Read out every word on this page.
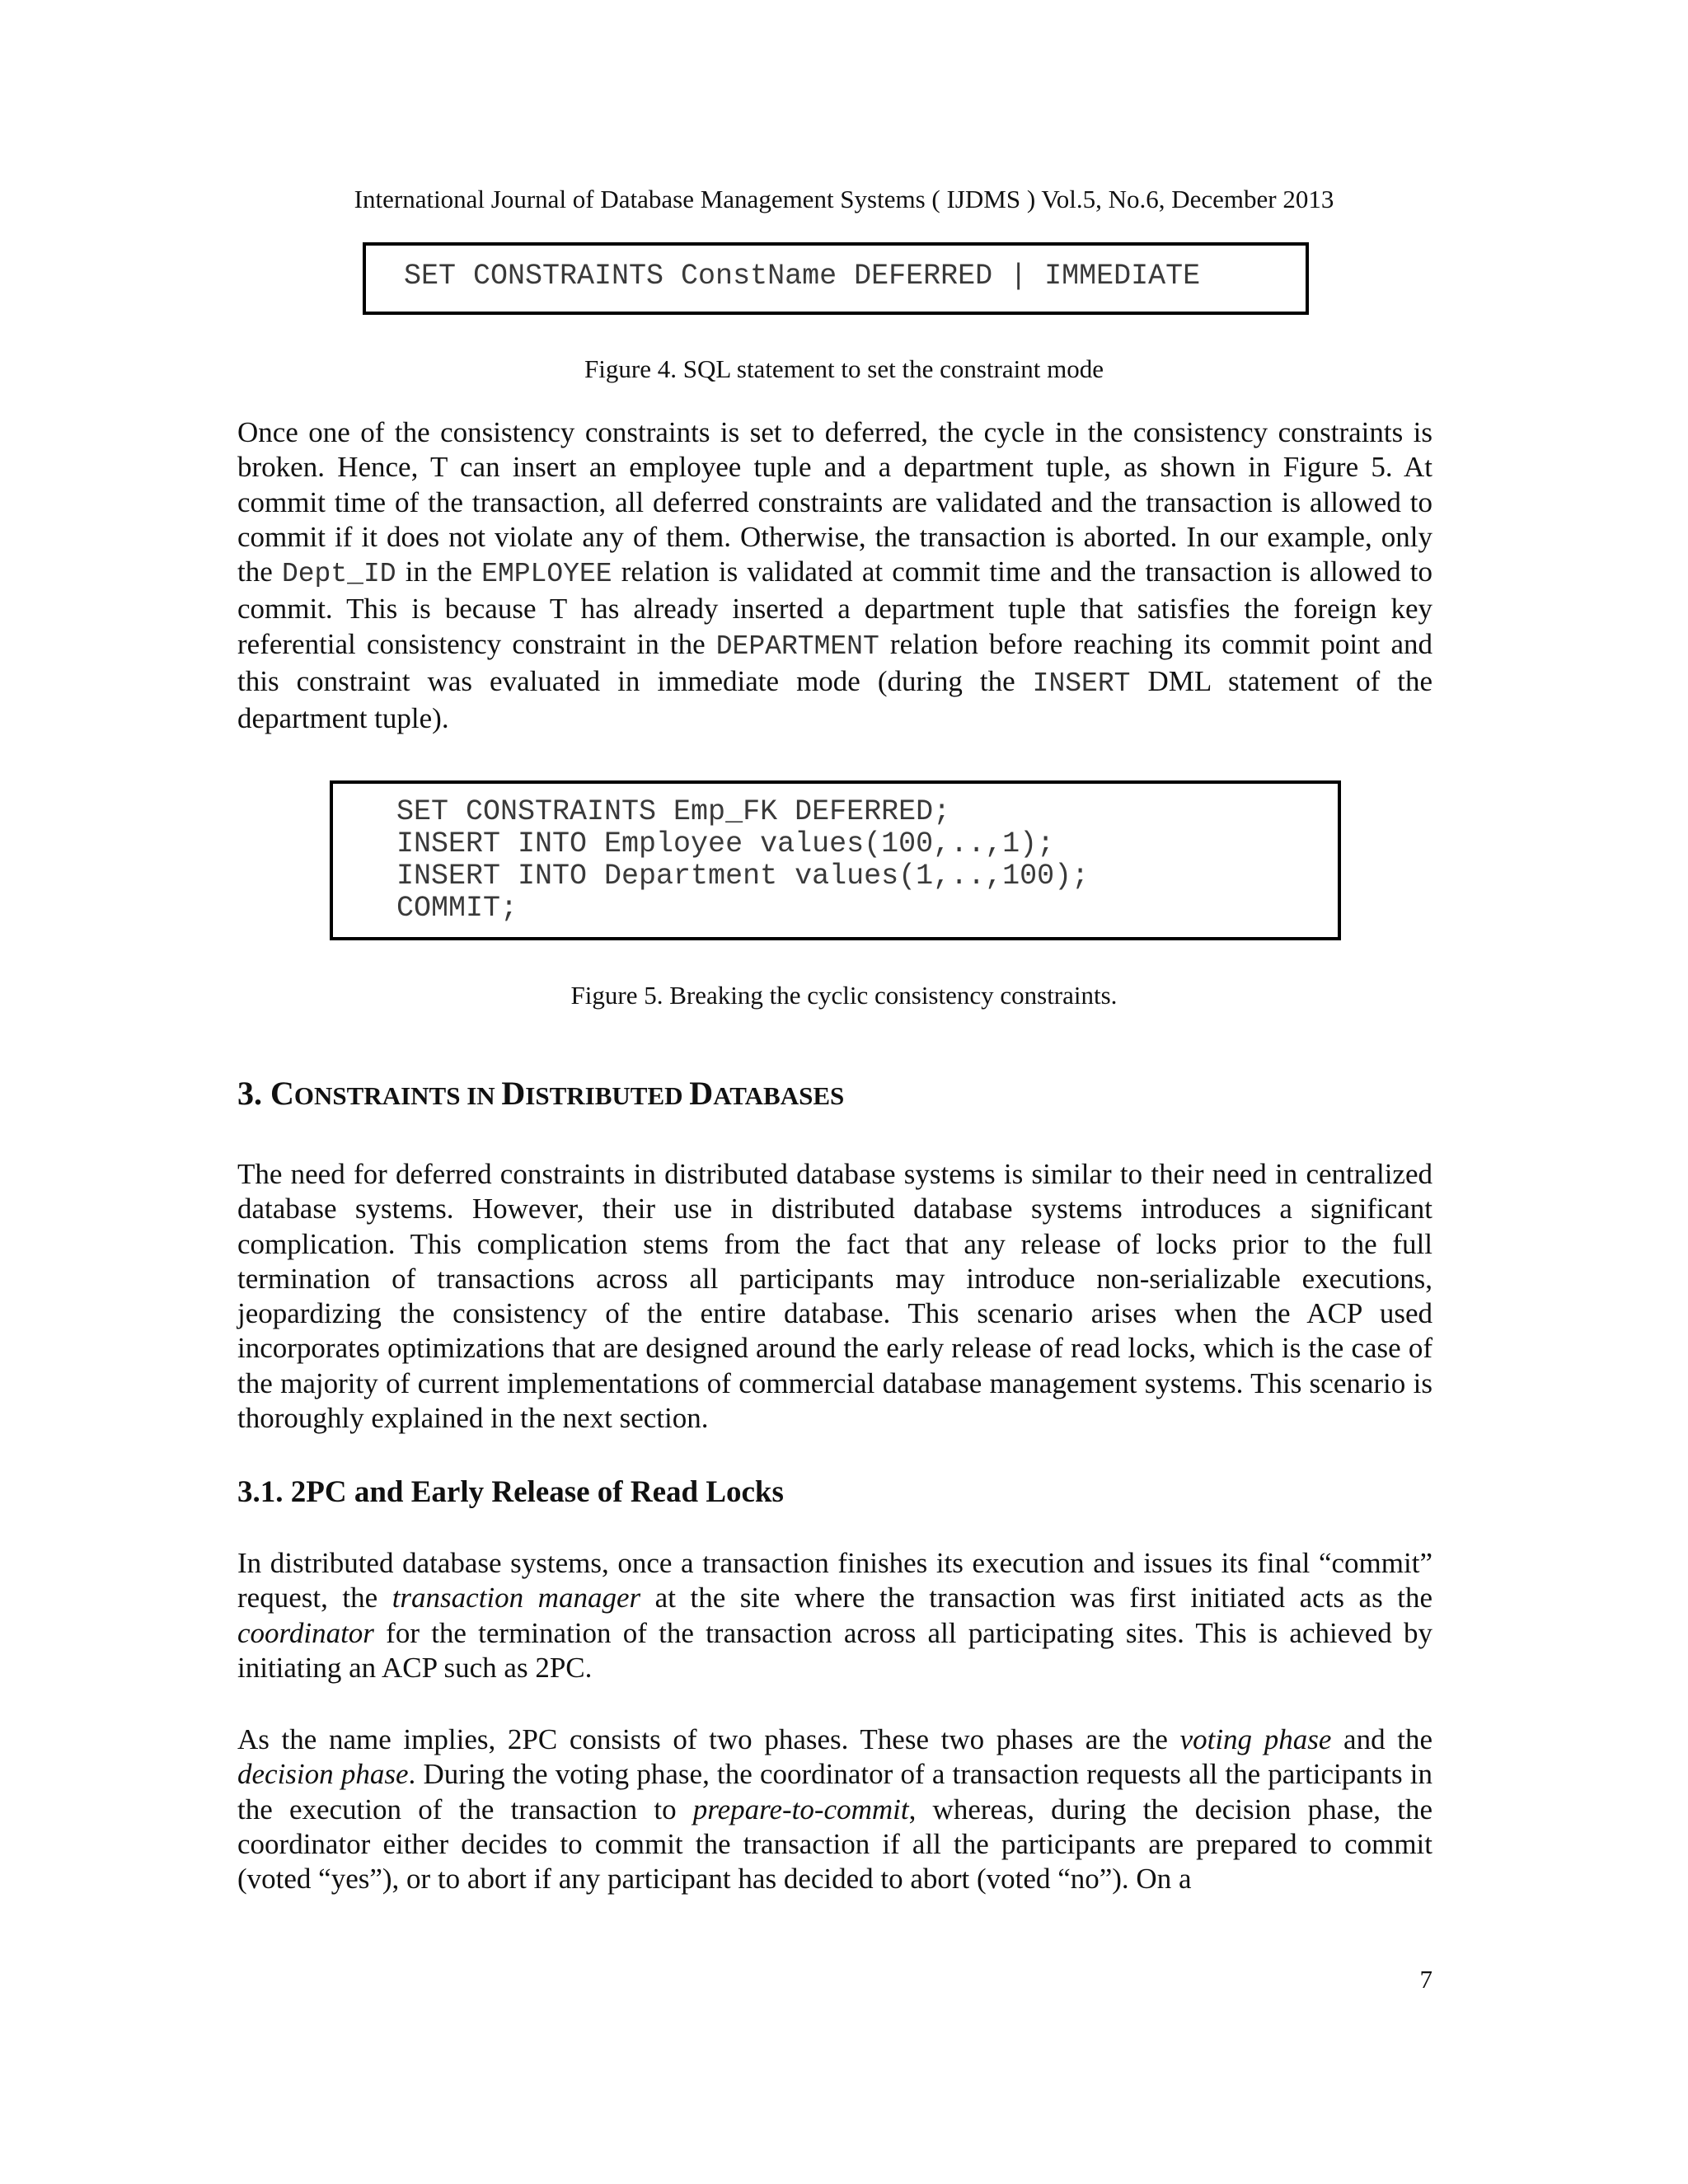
International Journal of Database Management Systems ( IJDMS ) Vol.5, No.6, December 2013
SET CONSTRAINTS ConstName DEFERRED | IMMEDIATE
Figure 4. SQL statement to set the constraint mode

Once one of the consistency constraints is set to deferred, the cycle in the consistency constraints is broken. Hence, T can insert an employee tuple and a department tuple, as shown in Figure 5. At commit time of the transaction, all deferred constraints are validated and the transaction is allowed to commit if it does not violate any of them. Otherwise, the transaction is aborted. In our example, only the Dept_ID in the EMPLOYEE relation is validated at commit time and the transaction is allowed to commit. This is because T has already inserted a department tuple that satisfies the foreign key referential consistency constraint in the DEPARTMENT relation before reaching its commit point and this constraint was evaluated in immediate mode (during the INSERT DML statement of the department tuple).

SET CONSTRAINTS Emp_FK DEFERRED;
INSERT INTO Employee values(100,..,1);
INSERT INTO Department values(1,..,100);
COMMIT;
Figure 5. Breaking the cyclic consistency constraints.
3. CONSTRAINTS IN DISTRIBUTED DATABASES

The need for deferred constraints in distributed database systems is similar to their need in centralized database systems. However, their use in distributed database systems introduces a significant complication. This complication stems from the fact that any release of locks prior to the full termination of transactions across all participants may introduce non-serializable executions, jeopardizing the consistency of the entire database. This scenario arises when the ACP used incorporates optimizations that are designed around the early release of read locks, which is the case of the majority of current implementations of commercial database management systems. This scenario is thoroughly explained in the next section.

3.1. 2PC and Early Release of Read Locks

In distributed database systems, once a transaction finishes its execution and issues its final “commit” request, the transaction manager at the site where the transaction was first initiated acts as the coordinator for the termination of the transaction across all participating sites. This is achieved by initiating an ACP such as 2PC.

As the name implies, 2PC consists of two phases. These two phases are the voting phase and the decision phase. During the voting phase, the coordinator of a transaction requests all the participants in the execution of the transaction to prepare-to-commit, whereas, during the decision phase, the coordinator either decides to commit the transaction if all the participants are prepared to commit (voted “yes”), or to abort if any participant has decided to abort (voted “no”). On a

7
